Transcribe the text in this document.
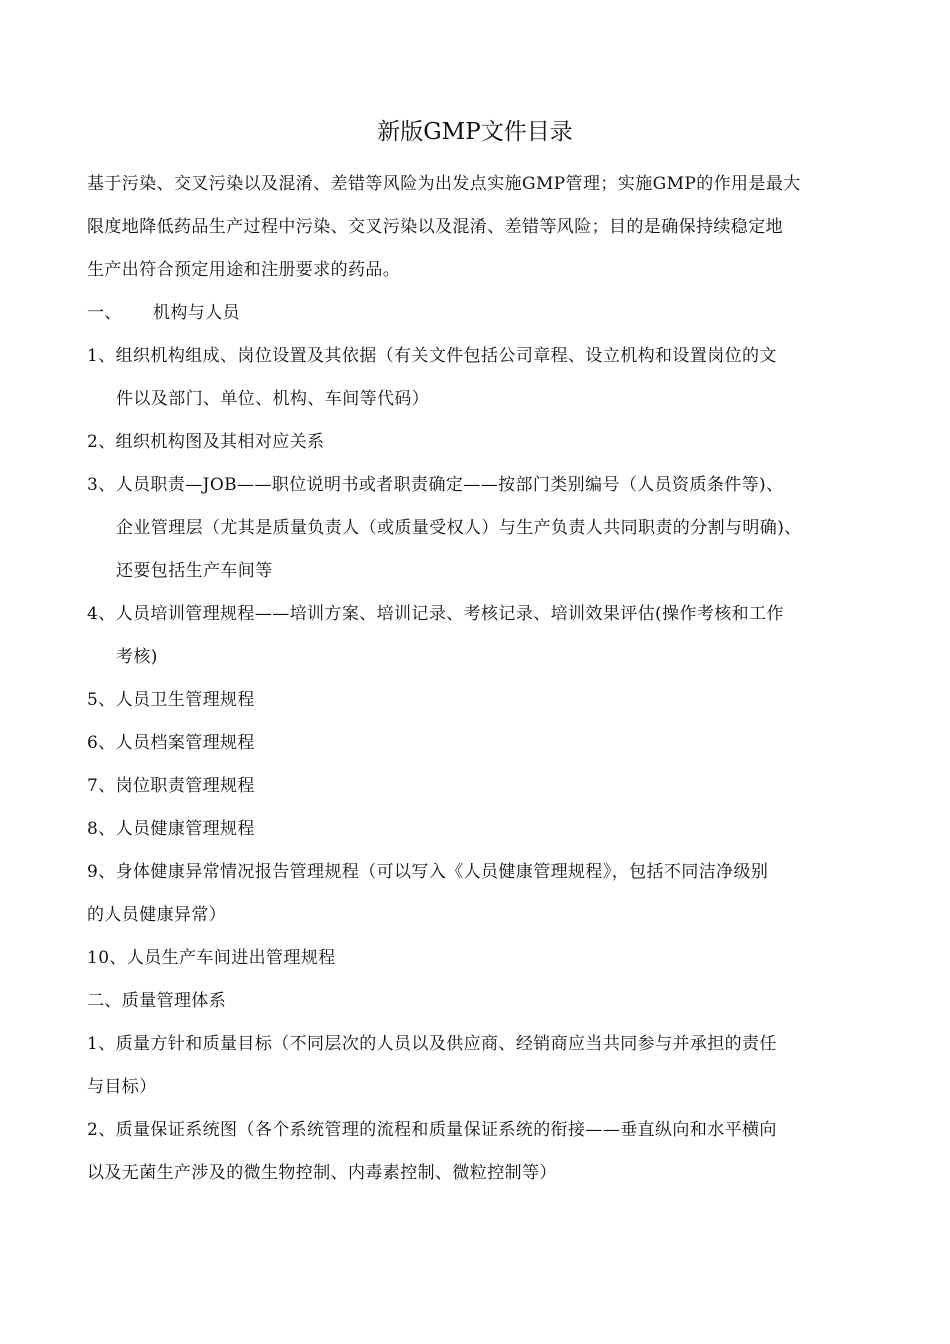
新版GMP文件目录
基于污染、交叉污染以及混淆、差错等风险为出发点实施GMP管理；实施GMP的作用是最大
限度地降低药品生产过程中污染、交叉污染以及混淆、差错等风险；目的是确保持续稳定地
生产出符合预定用途和注册要求的药品。
一、 机构与人员
1、组织机构组成、岗位设置及其依据（有关文件包括公司章程、设立机构和设置岗位的文
件以及部门、单位、机构、车间等代码）
2、组织机构图及其相对应关系
3、人员职责—JOB——职位说明书或者职责确定——按部门类别编号（人员资质条件等)、
企业管理层（尤其是质量负责人（或质量受权人）与生产负责人共同职责的分割与明确)、
还要包括生产车间等
4、人员培训管理规程——培训方案、培训记录、考核记录、培训效果评估(操作考核和工作
考核)
5、人员卫生管理规程
6、人员档案管理规程
7、岗位职责管理规程
8、人员健康管理规程
9、身体健康异常情况报告管理规程（可以写入《人员健康管理规程》，包括不同洁净级别
的人员健康异常）
10、人员生产车间进出管理规程
二、质量管理体系
1、质量方针和质量目标（不同层次的人员以及供应商、经销商应当共同参与并承担的责任
与目标）
2、质量保证系统图（各个系统管理的流程和质量保证系统的衔接——垂直纵向和水平横向
以及无菌生产涉及的微生物控制、内毒素控制、微粒控制等）
